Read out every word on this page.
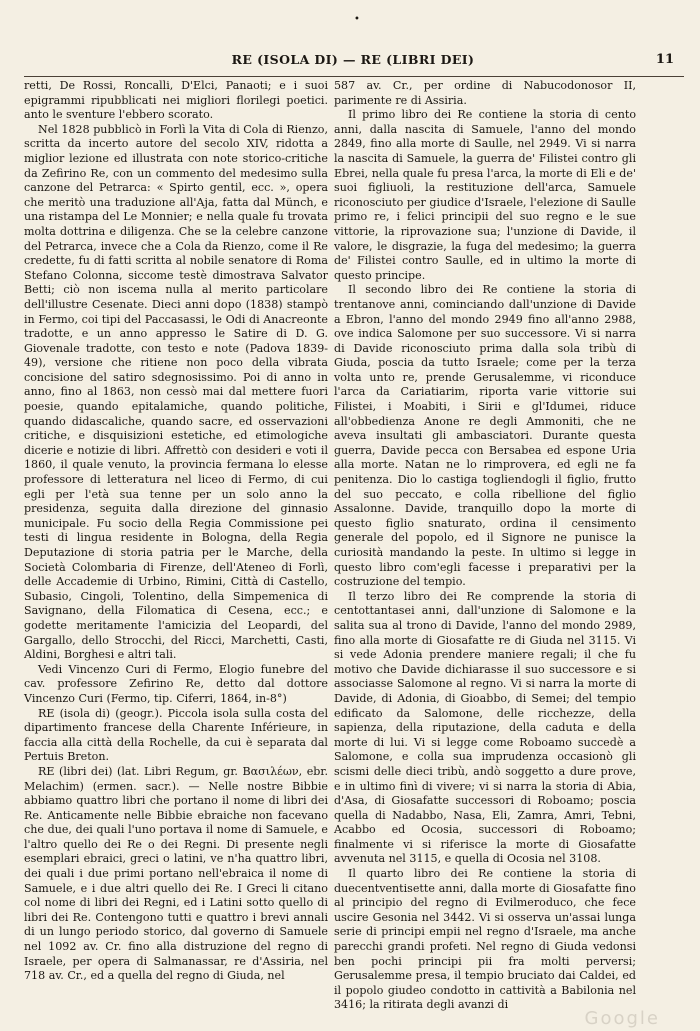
•
RE (ISOLA DI) — RE (LIBRI DEI)	11

retti, De Rossi, Roncalli, D'Elci, Panaoti; e i suoi epigrammi ripubblicati nei migliori florilegi poetici. anto le sventure l'ebbero scorato.

Nel 1828 pubblicò in Forlì la Vita di Cola di Rienzo, scritta da incerto autore del secolo XIV, ridotta a miglior lezione ed illustrata con note storico-critiche da Zefirino Re, con un commento del medesimo sulla canzone del Petrarca: « Spirto gentil, ecc. », opera che meritò una traduzione all'Aja, fatta dal Münch, e una ristampa del Le Monnier; e nella quale fu trovata molta dottrina e diligenza. Che se la celebre canzone del Petrarca, invece che a Cola da Rienzo, come il Re credette, fu di fatti scritta al nobile senatore di Roma Stefano Colonna, siccome testè dimostrava Salvator Betti; ciò non iscema nulla al merito particolare dell'illustre Cesenate. Dieci anni dopo (1838) stampò in Fermo, coi tipi del Paccasassi, le Odi di Anacreonte tradotte, e un anno appresso le Satire di D. G. Giovenale tradotte, con testo e note (Padova 1839-49), versione che ritiene non poco della vibrata concisione del satiro sdegnosissimo. Poi di anno in anno, fino al 1863, non cessò mai dal mettere fuori poesie, quando epitalamiche, quando politiche, quando didascaliche, quando sacre, ed osservazioni critiche, e disquisizioni estetiche, ed etimologiche dicerie e notizie di libri. Affrettò con desideri e voti il 1860, il quale venuto, la provincia fermana lo elesse professore di letteratura nel liceo di Fermo, di cui egli per l'età sua tenne per un solo anno la presidenza, seguita dalla direzione del ginnasio municipale. Fu socio della Regia Commissione pei testi di lingua residente in Bologna, della Regia Deputazione di storia patria per le Marche, della Società Colombaria di Firenze, dell'Ateneo di Forlì, delle Accademie di Urbino, Rimini, Città di Castello, Subasio, Cingoli, Tolentino, della Simpemenica di Savignano, della Filomatica di Cesena, ecc.; e godette meritamente l'amicizia del Leopardi, del Gargallo, dello Strocchi, del Ricci, Marchetti, Casti, Aldini, Borghesi e altri tali.

Vedi Vincenzo Curi di Fermo, Elogio funebre del cav. professore Zefirino Re, detto dal dottore Vincenzo Curi (Fermo, tip. Ciferri, 1864, in-8°)

RE (isola di) (geogr.). Piccola isola sulla costa del dipartimento francese della Charente Inférieure, in faccia alla città della Rochelle, da cui è separata dal Pertuis Breton.

RE (libri dei) (lat. Libri Regum, gr. Βασιλέων, ebr. Melachim) (ermen. sacr.). — Nelle nostre Bibbie abbiamo quattro libri che portano il nome di libri dei Re. Anticamente nelle Bibbie ebraiche non facevano che due, dei quali l'uno portava il nome di Samuele, e l'altro quello dei Re o dei Regni. Di presente negli esemplari ebraici, greci o latini, ve n'ha quattro libri, dei quali i due primi portano nell'ebraica il nome di Samuele, e i due altri quello dei Re. I Greci li citano col nome di libri dei Regni, ed i Latini sotto quello di libri dei Re. Contengono tutti e quattro i brevi annali di un lungo periodo storico, dal governo di Samuele nel 1092 av. Cr. fino alla distruzione del regno di Israele, per opera di Salmanassar, re d'Assiria, nel 718 av. Cr., ed a quella del regno di Giuda, nel

587 av. Cr., per ordine di Nabucodonosor II, parimente re di Assiria.

Il primo libro dei Re contiene la storia di cento anni, dalla nascita di Samuele, l'anno del mondo 2849, fino alla morte di Saulle, nel 2949. Vi si narra la nascita di Samuele, la guerra de' Filistei contro gli Ebrei, nella quale fu presa l'arca, la morte di Eli e de' suoi figliuoli, la restituzione dell'arca, Samuele riconosciuto per giudice d'Israele, l'elezione di Saulle primo re, i felici principii del suo regno e le sue vittorie, la riprovazione sua; l'unzione di Davide, il valore, le disgrazie, la fuga del medesimo; la guerra de' Filistei contro Saulle, ed in ultimo la morte di questo principe.

Il secondo libro dei Re contiene la storia di trentanove anni, cominciando dall'unzione di Davide a Ebron, l'anno del mondo 2949 fino all'anno 2988, ove indica Salomone per suo successore. Vi si narra di Davide riconosciuto prima dalla sola tribù di Giuda, poscia da tutto Israele; come per la terza volta unto re, prende Gerusalemme, vi riconduce l'arca da Cariatiarim, riporta varie vittorie sui Filistei, i Moabiti, i Sirii e gl'Idumei, riduce all'obbedienza Anone re degli Ammoniti, che ne aveva insultati gli ambasciatori. Durante questa guerra, Davide pecca con Bersabea ed espone Uria alla morte. Natan ne lo rimprovera, ed egli ne fa penitenza. Dio lo castiga togliendogli il figlio, frutto del suo peccato, e colla ribellione del figlio Assalonne. Davide, tranquillo dopo la morte di questo figlio snaturato, ordina il censimento generale del popolo, ed il Signore ne punisce la curiosità mandando la peste. In ultimo si legge in questo libro com'egli facesse i preparativi per la costruzione del tempio.

Il terzo libro dei Re comprende la storia di centottantasei anni, dall'unzione di Salomone e la salita sua al trono di Davide, l'anno del mondo 2989, fino alla morte di Giosafatte re di Giuda nel 3115. Vi si vede Adonia prendere maniere regali; il che fu motivo che Davide dichiarasse il suo successore e si associasse Salomone al regno. Vi si narra la morte di Davide, di Adonia, di Gioabbo, di Semei; del tempio edificato da Salomone, delle ricchezze, della sapienza, della riputazione, della caduta e della morte di lui. Vi si legge come Roboamo succedè a Salomone, e colla sua imprudenza occasionò gli scismi delle dieci tribù, andò soggetto a dure prove, e in ultimo finì di vivere; vi si narra la storia di Abia, d'Asa, di Giosafatte successori di Roboamo; poscia quella di Nadabbo, Nasa, Eli, Zamra, Amri, Tebni, Acabbo ed Ocosia, successori di Roboamo; finalmente vi si riferisce la morte di Giosafatte avvenuta nel 3115, e quella di Ocosia nel 3108.

Il quarto libro dei Re contiene la storia di duecentventisette anni, dalla morte di Giosafatte fino al principio del regno di Evilmeroduco, che fece uscire Gesonia nel 3442. Vi si osserva un'assai lunga serie di principi empii nel regno d'Israele, ma anche parecchi grandi profeti. Nel regno di Giuda vedonsi ben pochi principi pii fra molti perversi; Gerusalemme presa, il tempio bruciato dai Caldei, ed il popolo giudeo condotto in cattività a Babilonia nel 3416; la ritirata degli avanzi di

Google
